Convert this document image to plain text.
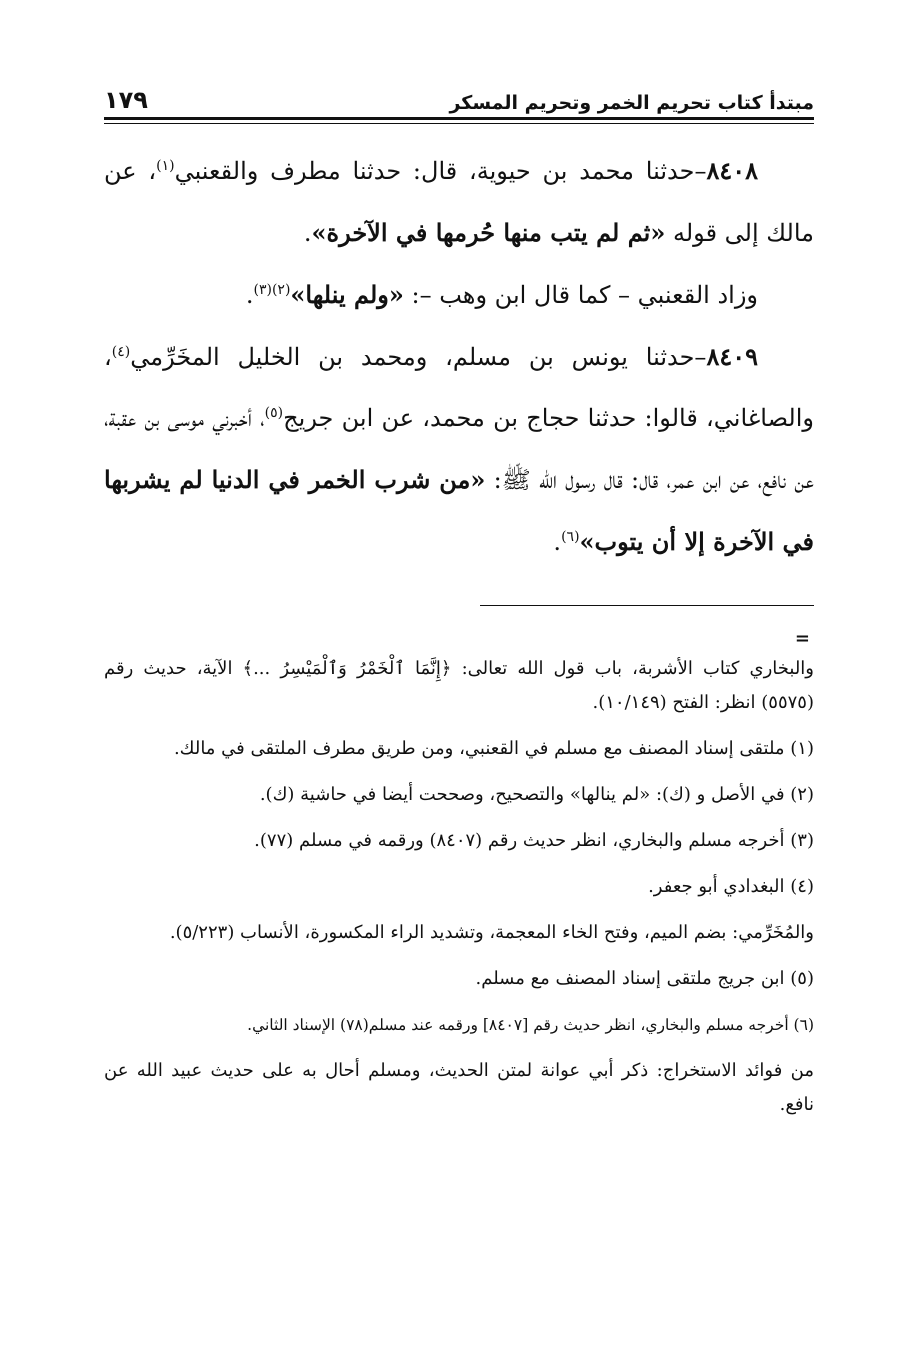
مبتدأ كتاب تحريم الخمر وتحريم المسكر
١٧٩

٨٤٠٨–حدثنا محمد بن حيوية، قال: حدثنا مطرف والقعنبي$^{(١)}$، عن مالك إلى قوله «ثم لم يتب منها حُرمها في الآخرة».

وزاد القعنبي – كما قال ابن وهب –: «ولم ينلها»$^{(٢)(٣)}$.

٨٤٠٩–حدثنا يونس بن مسلم، ومحمد بن الخليل المخَرِّمي$^{(٤)}$، والصاغاني، قالوا: حدثنا حجاج بن محمد، عن ابن جريج$^{(٥)}$، أخبرني موسى بن عقبة، عن نافع، عن ابن عمر، قال: قال رسول الله ﷺ: «من شرب الخمر في الدنيا لم يشربها في الآخرة إلا أن يتوب»$^{(٦)}$.

=

والبخاري كتاب الأشربة، باب قول الله تعالى: ﴿إِنَّمَا ٱلْخَمْرُ وَٱلْمَيْسِرُ ...﴾ الآية، حديث رقم (٥٥٧٥) انظر: الفتح (١٠/١٤٩).

(١) ملتقى إسناد المصنف مع مسلم في القعنبي، ومن طريق مطرف الملتقى في مالك.

(٢) في الأصل و (ك): «لم ينالها» والتصحيح، وصححت أيضا في حاشية (ك).

(٣) أخرجه مسلم والبخاري، انظر حديث رقم (٨٤٠٧) ورقمه في مسلم (٧٧).

(٤) البغدادي أبو جعفر.

والمُخَرِّمي: بضم الميم، وفتح الخاء المعجمة، وتشديد الراء المكسورة، الأنساب (٥/٢٢٣).

(٥) ابن جريج ملتقى إسناد المصنف مع مسلم.

(٦) أخرجه مسلم والبخاري، انظر حديث رقم [٨٤٠٧] ورقمه عند مسلم(٧٨) الإسناد الثاني.

من فوائد الاستخراج: ذكر أبي عوانة لمتن الحديث، ومسلم أحال به على حديث عبيد الله عن نافع.
